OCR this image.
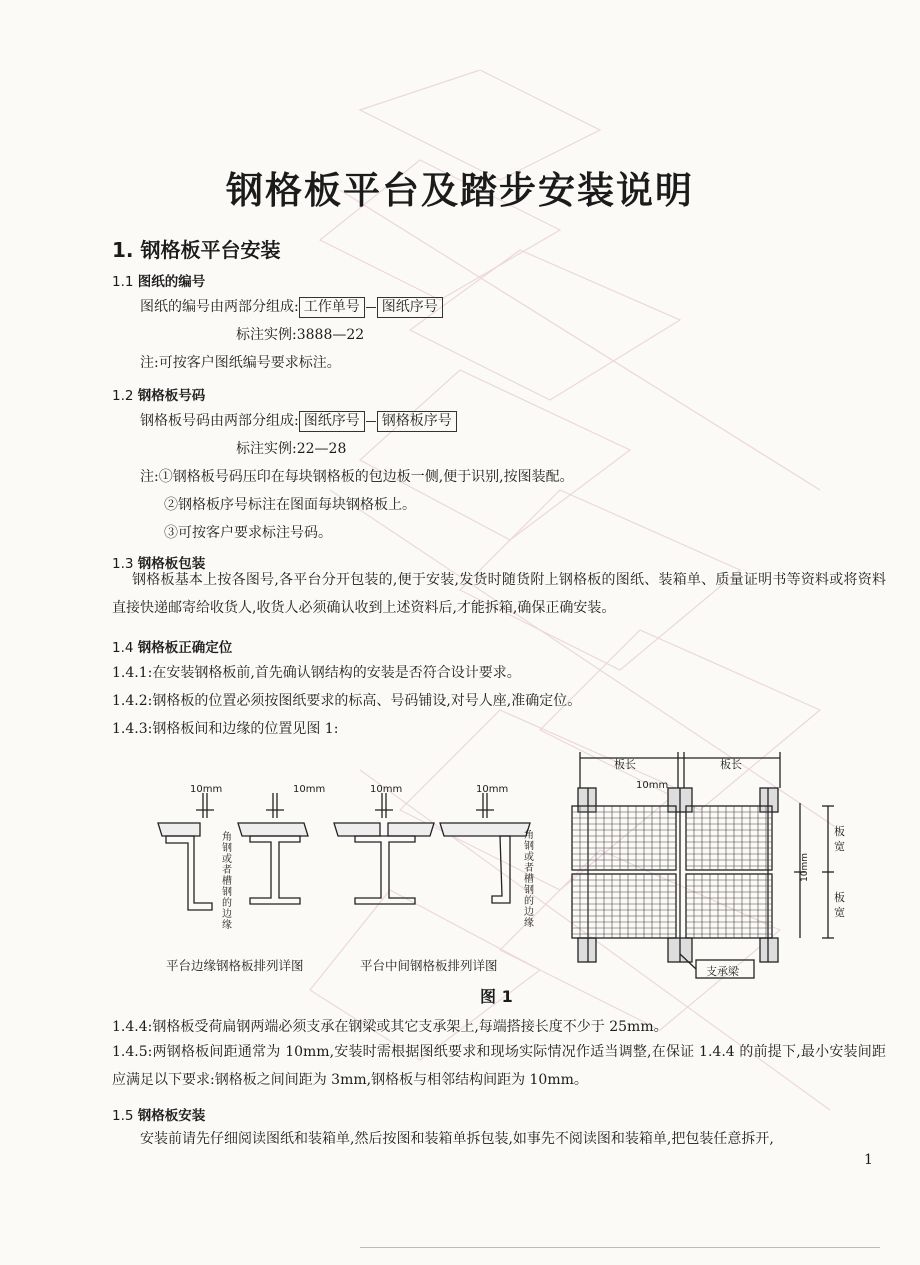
钢格板平台及踏步安装说明
1. 钢格板平台安装
1.1 图纸的编号
图纸的编号由两部分组成: 工作单号 图纸序号
标注实例:3888—22
注:可按客户图纸编号要求标注。
1.2 钢格板号码
钢格板号码由两部分组成: 图纸序号 钢格板序号
标注实例:22—28
注:①钢格板号码压印在每块钢格板的包边板一侧,便于识别,按图装配。
②钢格板序号标注在图面每块钢格板上。
③可按客户要求标注号码。
1.3 钢格板包装
钢格板基本上按各图号,各平台分开包装的,便于安装,发货时随货附上钢格板的图纸、装箱单、质量证明书等资料或将资料直接快递邮寄给收货人,收货人必须确认收到上述资料后,才能拆箱,确保正确安装。
1.4 钢格板正确定位
1.4.1:在安装钢格板前,首先确认钢结构的安装是否符合设计要求。
1.4.2:钢格板的位置必须按图纸要求的标高、号码铺设,对号人座,准确定位。
1.4.3:钢格板间和边缘的位置见图 1:
10mm	10mm	10mm	10mm
角钢或者槽钢的边缘
角钢或者槽钢的边缘
平台边缘钢格板排列详图	平台中间钢格板排列详图
板长	板长
10mm
板宽
板宽
10mm
支承梁
图 1
1.4.4:钢格板受荷扁钢两端必须支承在钢梁或其它支承架上,每端搭接长度不少于 25mm。
1.4.5:两钢格板间距通常为 10mm,安装时需根据图纸要求和现场实际情况作适当调整,在保证 1.4.4 的前提下,最小安装间距应满足以下要求:钢格板之间间距为 3mm,钢格板与相邻结构间距为 10mm。
1.5 钢格板安装
安装前请先仔细阅读图纸和装箱单,然后按图和装箱单拆包装,如事先不阅读图和装箱单,把包装任意拆开,
1
